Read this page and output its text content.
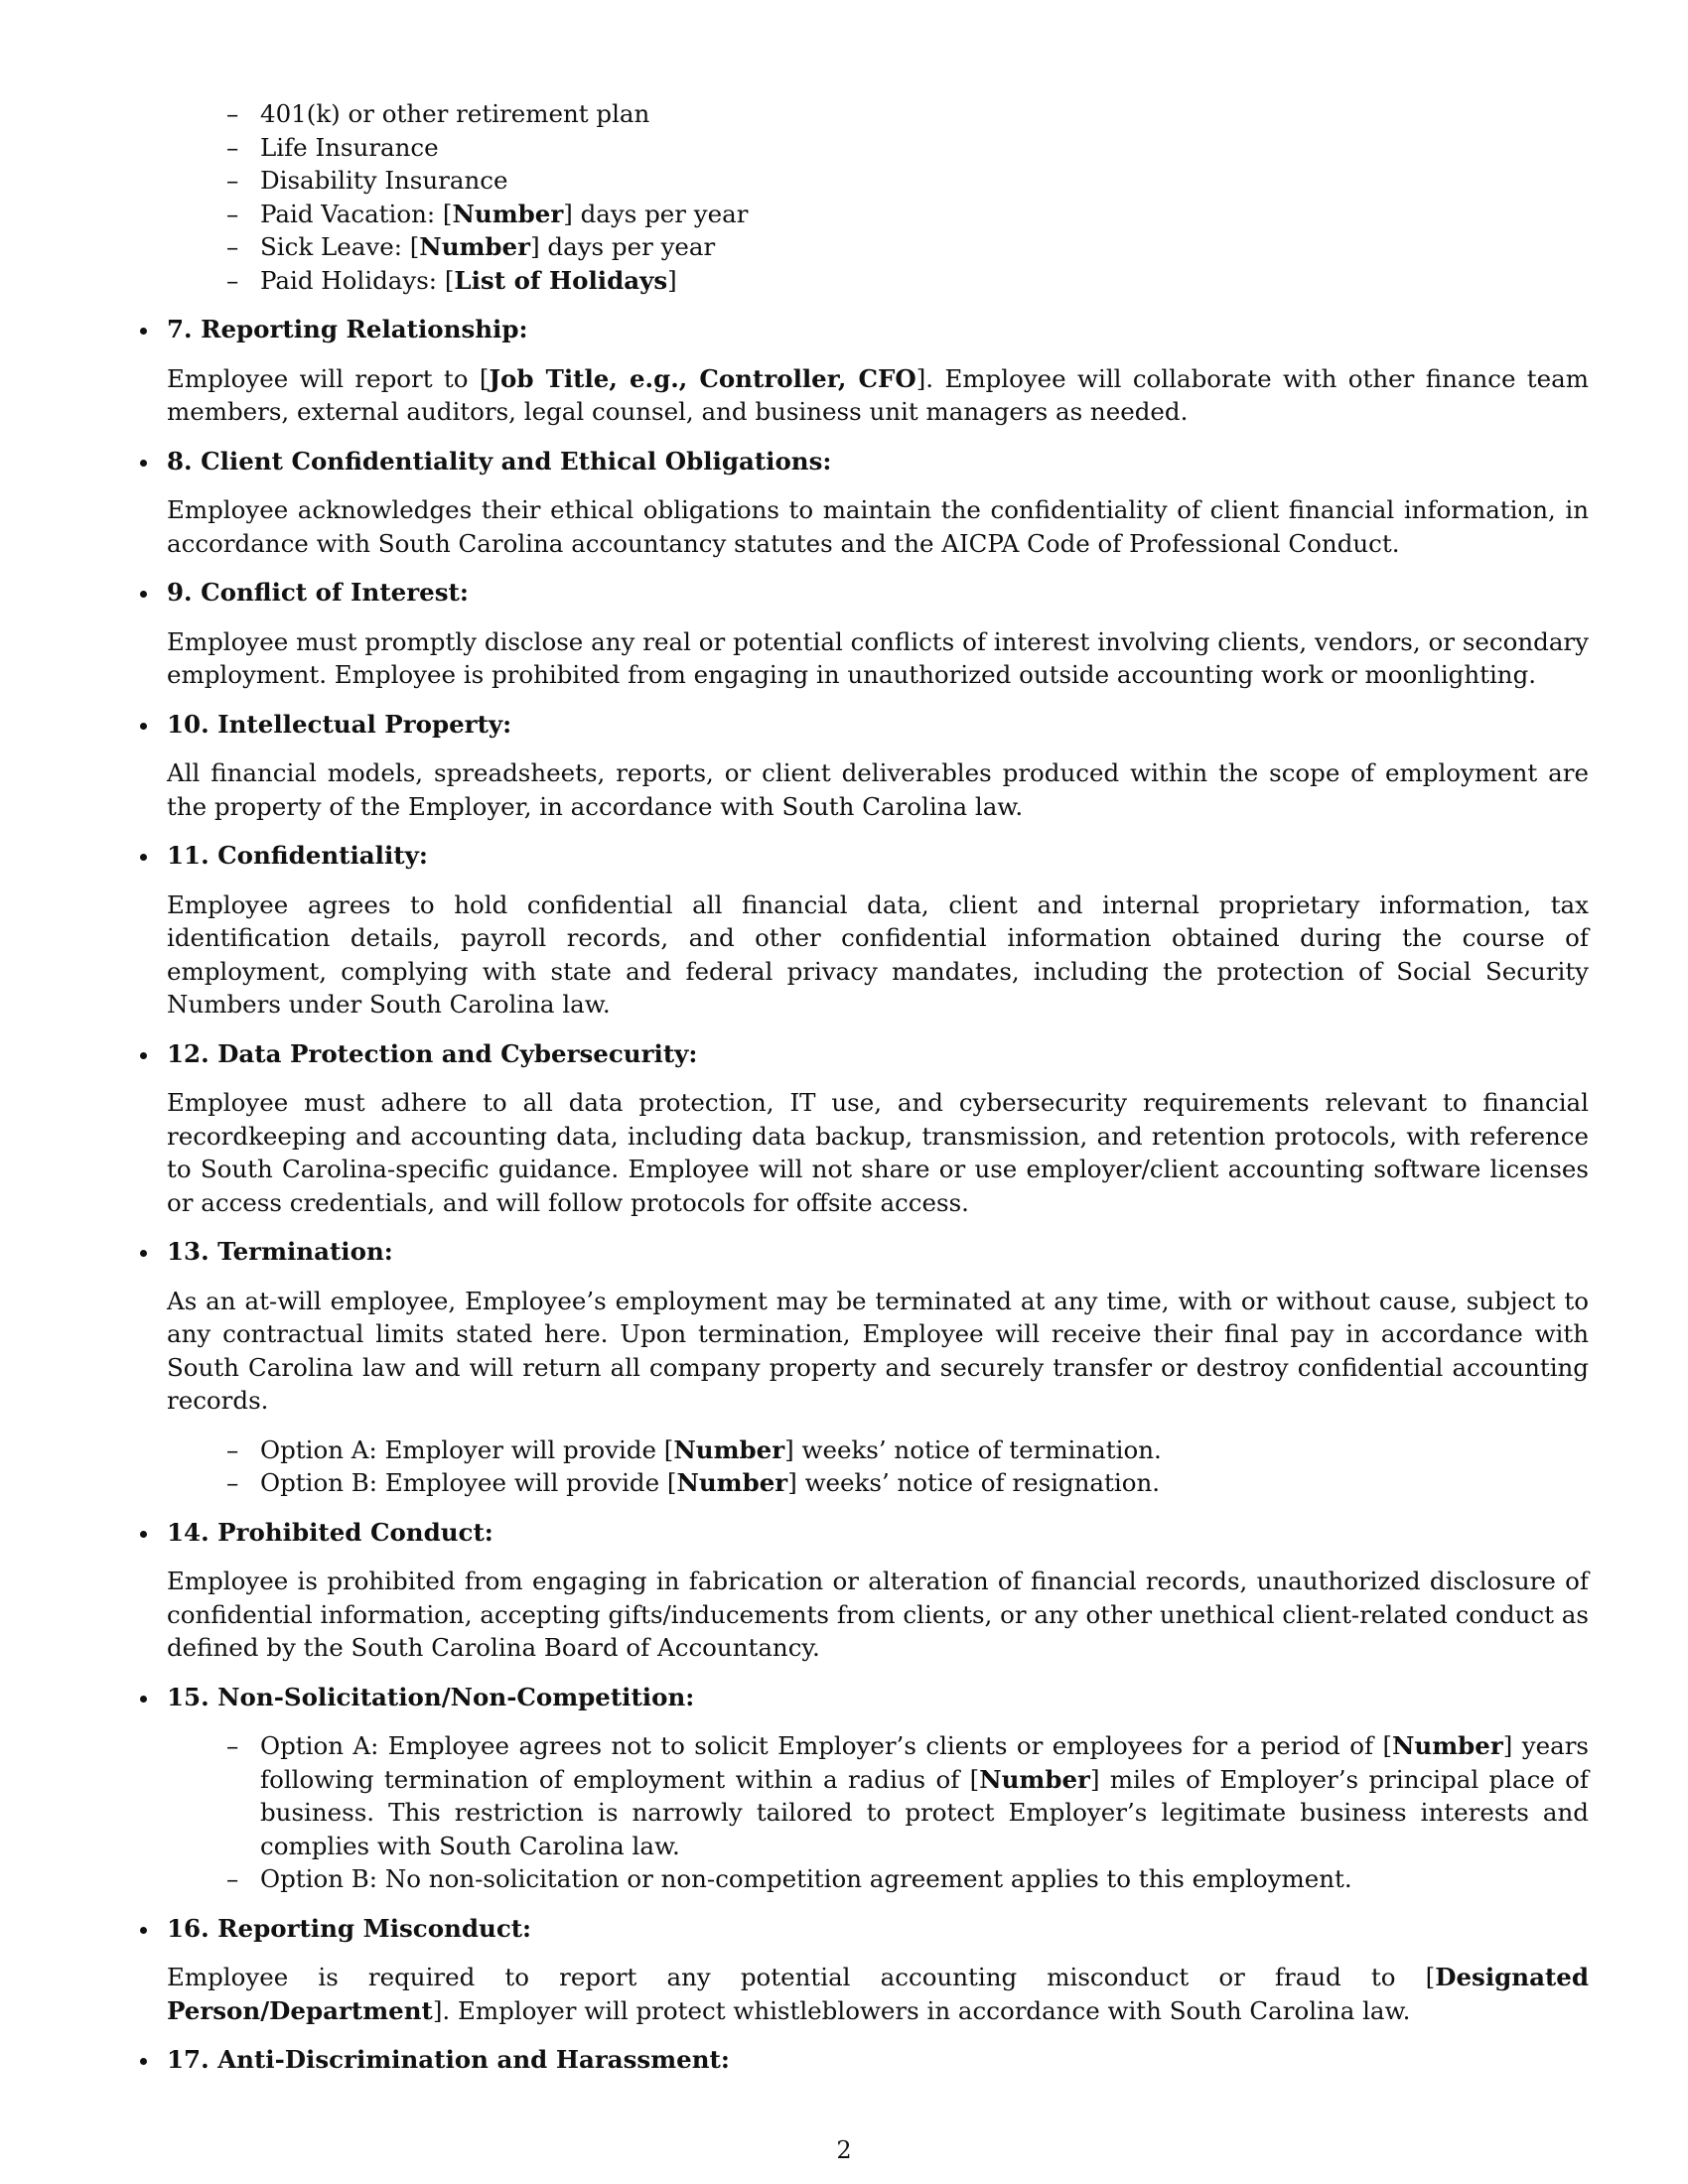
– 401(k) or other retirement plan
– Life Insurance
– Disability Insurance
– Paid Vacation: [Number] days per year
– Sick Leave: [Number] days per year
– Paid Holidays: [List of Holidays]

7. Reporting Relationship:

Employee will report to [Job Title, e.g., Controller, CFO]. Employee will collaborate with other finance team members, external auditors, legal counsel, and business unit managers as needed.

8. Client Confidentiality and Ethical Obligations:

Employee acknowledges their ethical obligations to maintain the confidentiality of client financial information, in accordance with South Carolina accountancy statutes and the AICPA Code of Professional Conduct.

9. Conflict of Interest:

Employee must promptly disclose any real or potential conflicts of interest involving clients, vendors, or secondary employment. Employee is prohibited from engaging in unauthorized outside accounting work or moonlighting.

10. Intellectual Property:

All financial models, spreadsheets, reports, or client deliverables produced within the scope of employment are the property of the Employer, in accordance with South Carolina law.

11. Confidentiality:

Employee agrees to hold confidential all financial data, client and internal proprietary information, tax identification details, payroll records, and other confidential information obtained during the course of employment, complying with state and federal privacy mandates, including the protection of Social Security Numbers under South Carolina law.

12. Data Protection and Cybersecurity:

Employee must adhere to all data protection, IT use, and cybersecurity requirements relevant to financial recordkeeping and accounting data, including data backup, transmission, and retention protocols, with reference to South Carolina-specific guidance. Employee will not share or use employer/client accounting software licenses or access credentials, and will follow protocols for offsite access.

13. Termination:

As an at-will employee, Employee’s employment may be terminated at any time, with or without cause, subject to any contractual limits stated here. Upon termination, Employee will receive their final pay in accordance with South Carolina law and will return all company property and securely transfer or destroy confidential accounting records.

– Option A: Employer will provide [Number] weeks’ notice of termination.
– Option B: Employee will provide [Number] weeks’ notice of resignation.

14. Prohibited Conduct:

Employee is prohibited from engaging in fabrication or alteration of financial records, unauthorized disclosure of confidential information, accepting gifts/inducements from clients, or any other unethical client-related conduct as defined by the South Carolina Board of Accountancy.

15. Non-Solicitation/Non-Competition:

– Option A: Employee agrees not to solicit Employer’s clients or employees for a period of [Number] years following termination of employment within a radius of [Number] miles of Employer’s principal place of business. This restriction is narrowly tailored to protect Employer’s legitimate business interests and complies with South Carolina law.
– Option B: No non-solicitation or non-competition agreement applies to this employment.

16. Reporting Misconduct:

Employee is required to report any potential accounting misconduct or fraud to [Designated Person/Department]. Employer will protect whistleblowers in accordance with South Carolina law.

17. Anti-Discrimination and Harassment:

2
